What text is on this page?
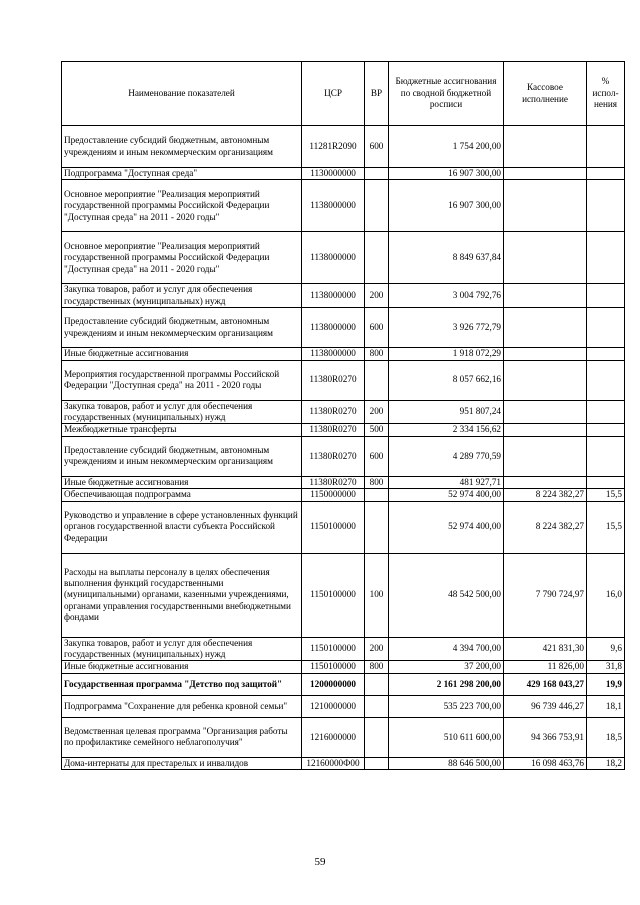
Наименование показателей	ЦСР	ВР	Бюджетные ассигнования по сводной бюджетной росписи	Кассовое исполнение	% испол-нения
Предоставление субсидий бюджетным, автономным учреждениям и иным некоммерческим организациям	11281R2090	600	1 754 200,00		
Подпрограмма "Доступная среда"	1130000000		16 907 300,00		
Основное мероприятие "Реализация мероприятий государственной программы Российской Федерации "Доступная среда" на 2011 - 2020 годы"	1138000000		16 907 300,00		
Основное мероприятие "Реализация мероприятий государственной программы Российской Федерации "Доступная среда" на 2011 - 2020 годы"	1138000000		8 849 637,84		
Закупка товаров, работ и услуг для обеспечения государственных (муниципальных) нужд	1138000000	200	3 004 792,76		
Предоставление субсидий бюджетным, автономным учреждениям и иным некоммерческим организациям	1138000000	600	3 926 772,79		
Иные бюджетные ассигнования	1138000000	800	1 918 072,29		
Мероприятия государственной программы Российской Федерации "Доступная среда" на 2011 - 2020 годы	11380R0270		8 057 662,16		
Закупка товаров, работ и услуг для обеспечения государственных (муниципальных) нужд	11380R0270	200	951 807,24		
Межбюджетные трансферты	11380R0270	500	2 334 156,62		
Предоставление субсидий бюджетным, автономным учреждениям и иным некоммерческим организациям	11380R0270	600	4 289 770,59		
Иные бюджетные ассигнования	11380R0270	800	481 927,71		
Обеспечивающая подпрограмма	1150000000		52 974 400,00	8 224 382,27	15,5
Руководство и управление в сфере установленных функций органов государственной власти субъекта Российской Федерации	1150100000		52 974 400,00	8 224 382,27	15,5
Расходы на выплаты персоналу в целях обеспечения выполнения функций государственными (муниципальными) органами, казенными учреждениями, органами управления государственными внебюджетными фондами	1150100000	100	48 542 500,00	7 790 724,97	16,0
Закупка товаров, работ и услуг для обеспечения государственных (муниципальных) нужд	1150100000	200	4 394 700,00	421 831,30	9,6
Иные бюджетные ассигнования	1150100000	800	37 200,00	11 826,00	31,8
Государственная программа "Детство под защитой"	1200000000		2 161 298 200,00	429 168 043,27	19,9
Подпрограмма "Сохранение для ребенка кровной семьи"	1210000000		535 223 700,00	96 739 446,27	18,1
Ведомственная целевая программа "Организация работы по профилактике семейного неблагополучия"	1216000000		510 611 600,00	94 366 753,91	18,5
Дома-интернаты для престарелых и инвалидов	12160000Ф00		88 646 500,00	16 098 463,76	18,2
59
